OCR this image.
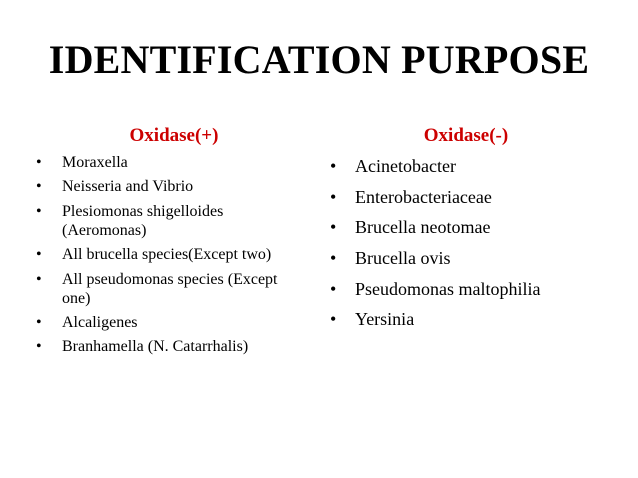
IDENTIFICATION PURPOSE
Oxidase(+)	Oxidase(-)
• Moraxella
• Neisseria and Vibrio
• Plesiomonas shigelloides (Aeromonas)
• All brucella species(Except two)
• All pseudomonas species (Except one)
• Alcaligenes
• Branhamella (N. Catarrhalis)
• Acinetobacter
• Enterobacteriaceae
• Brucella neotomae
• Brucella ovis
• Pseudomonas maltophilia
• Yersinia
